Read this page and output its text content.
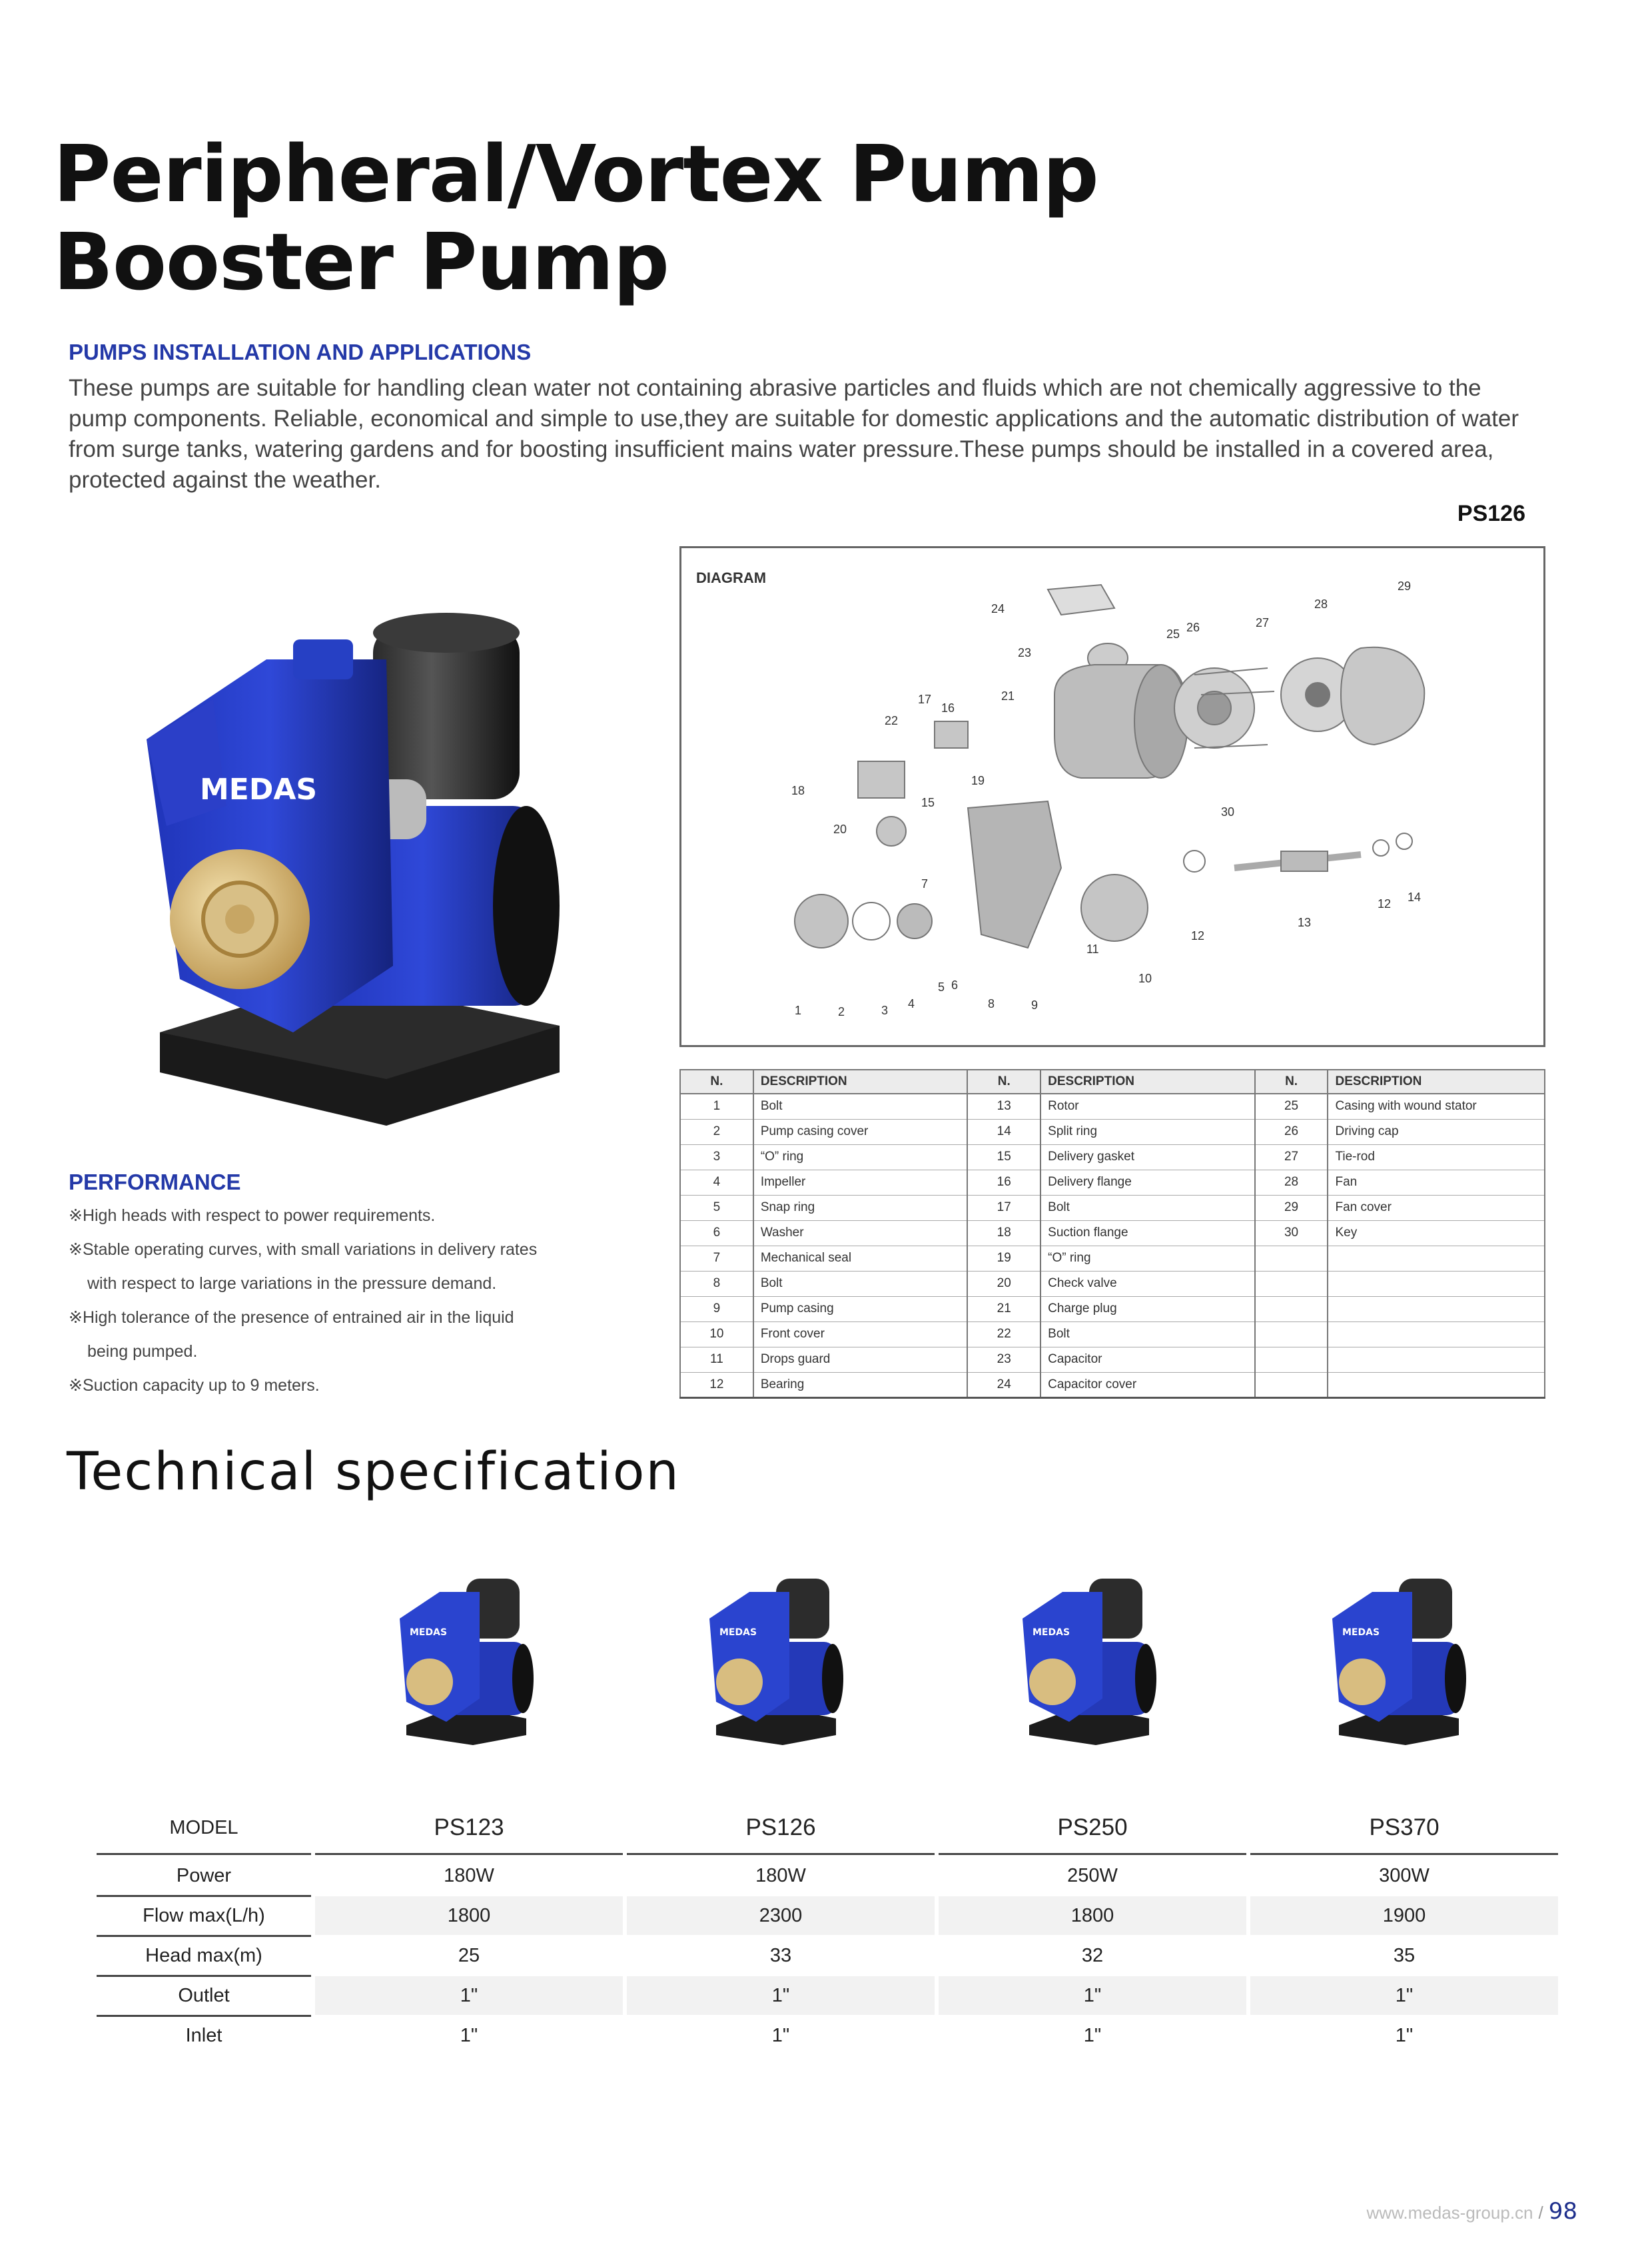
Peripheral/Vortex Pump
Booster Pump
PUMPS INSTALLATION AND APPLICATIONS
These pumps are suitable for handling clean water not containing abrasive particles and fluids which are not chemically aggressive to the pump components. Reliable, economical and simple to use,they are suitable for domestic applications and the automatic distribution of water from surge tanks, watering gardens and for boosting insufficient mains water pressure.These pumps should be installed in a covered area, protected against the weather.
PS126
MEDAS
DIAGRAM
1	2	3 4
5 6
7
8	9
10
11
12
12
13
14
15
16
17
18
19
20
21
22
23
24
25 26	27
28
29
30
N.	DESCRIPTION	N.	DESCRIPTION	N.	DESCRIPTION
1	Bolt	13	Rotor	25	Casing with wound stator
2	Pump casing cover	14	Split ring	26	Driving cap
3	“O” ring	15	Delivery gasket	27	Tie-rod
4	Impeller	16	Delivery flange	28	Fan
5	Snap ring	17	Bolt	29	Fan cover
6	Washer	18	Suction flange	30	Key
7	Mechanical seal	19	“O” ring		
8	Bolt	20	Check valve		
9	Pump casing	21	Charge plug		
10	Front cover	22	Bolt		
11	Drops guard	23	Capacitor		
12	Bearing	24	Capacitor cover		
PERFORMANCE
※High heads with respect to power requirements.
※Stable operating curves, with small variations in delivery rates
with respect to large variations in the pressure demand.
※High tolerance of the presence of entrained air in the liquid
being pumped.
※Suction capacity up to 9 meters.
Technical specification
MEDAS	MEDAS	MEDAS	MEDAS
MODEL	PS123	PS126	PS250	PS370
Power	180W	180W	250W	300W
Flow max(L/h)	1800	2300	1800	1900
Head max(m)	25	33	32	35
Outlet	1"	1"	1"	1"
Inlet	1"	1"	1"	1"
www.medas-group.cn / 98
